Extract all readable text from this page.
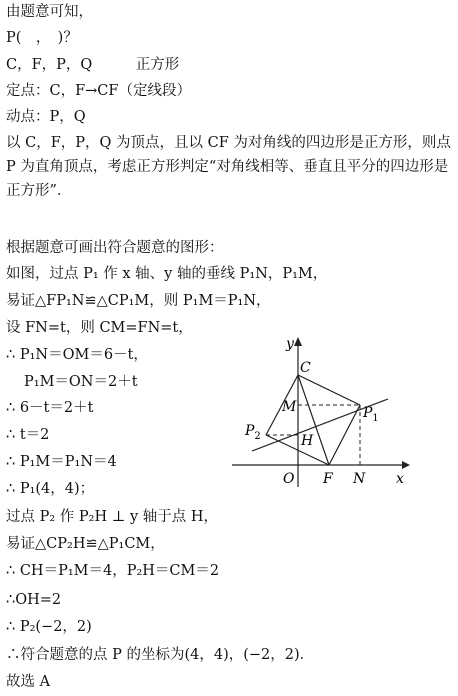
由题意可知，
P(　，　)？
C，F，P，Q　　　正方形
定点：C，F→CF（定线段）
动点：P，Q
以 C，F，P，Q 为顶点，且以 CF 为对角线的四边形是正方形，则点 P 为直角顶点，考虑正方形判定“对角线相等、垂直且平分的四边形是正方形”．
根据题意可画出符合题意的图形：
如图，过点 P₁ 作 x 轴、y 轴的垂线 P₁N，P₁M，
易证△FP₁N≌△CP₁M，则 P₁M＝P₁N，
设 FN=t，则 CM=FN=t，
∴ P₁N＝OM＝6－t，
P₁M＝ON＝2＋t
∴ 6－t＝2＋t
∴ t＝2
∴ P₁M＝P₁N＝4
∴ P₁(4，4)；
过点 P₂ 作 P₂H ⊥ y 轴于点 H，
易证△CP₂H≌△P₁CM，
∴ CH＝P₁M＝4，P₂H＝CM＝2
∴OH=2
∴ P₂(−2，2)
∴符合题意的点 P 的坐标为(4，4)，(−2，2)．
故选 A
y
x
C
M	$P_1$
$P_2$	H
O F N
